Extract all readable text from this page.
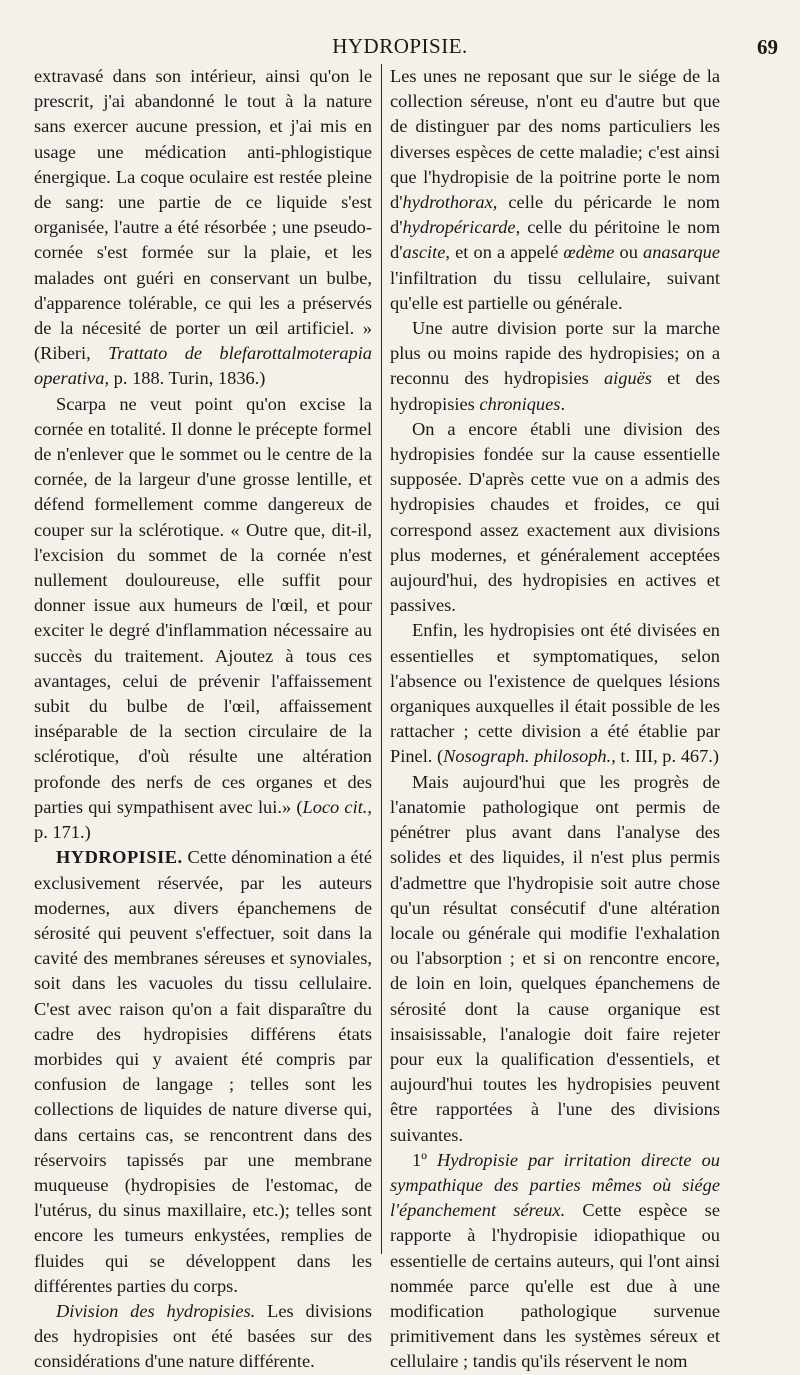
HYDROPISIE.	69

extravasé dans son intérieur, ainsi qu'on le prescrit, j'ai abandonné le tout à la nature sans exercer aucune pression, et j'ai mis en usage une médication anti-phlogistique énergique. La coque oculaire est restée pleine de sang: une partie de ce liquide s'est organisée, l'autre a été résorbée ; une pseudo-cornée s'est formée sur la plaie, et les malades ont guéri en conservant un bulbe, d'apparence tolérable, ce qui les a préservés de la nécesité de porter un œil artificiel. » (Riberi, Trattato de blefarottalmoterapia operativa, p. 188. Turin, 1836.)

Scarpa ne veut point qu'on excise la cornée en totalité. Il donne le précepte formel de n'enlever que le sommet ou le centre de la cornée, de la largeur d'une grosse lentille, et défend formellement comme dangereux de couper sur la sclérotique. « Outre que, dit-il, l'excision du sommet de la cornée n'est nullement douloureuse, elle suffit pour donner issue aux humeurs de l'œil, et pour exciter le degré d'inflammation nécessaire au succès du traitement. Ajoutez à tous ces avantages, celui de prévenir l'affaissement subit du bulbe de l'œil, affaissement inséparable de la section circulaire de la sclérotique, d'où résulte une altération profonde des nerfs de ces organes et des parties qui sympathisent avec lui.» (Loco cit., p. 171.)

HYDROPISIE. Cette dénomination a été exclusivement réservée, par les auteurs modernes, aux divers épanchemens de sérosité qui peuvent s'effectuer, soit dans la cavité des membranes séreuses et synoviales, soit dans les vacuoles du tissu cellulaire. C'est avec raison qu'on a fait disparaître du cadre des hydropisies différens états morbides qui y avaient été compris par confusion de langage ; telles sont les collections de liquides de nature diverse qui, dans certains cas, se rencontrent dans des réservoirs tapissés par une membrane muqueuse (hydropisies de l'estomac, de l'utérus, du sinus maxillaire, etc.); telles sont encore les tumeurs enkystées, remplies de fluides qui se développent dans les différentes parties du corps.

Division des hydropisies. Les divisions des hydropisies ont été basées sur des considérations d'une nature différente.

Les unes ne reposant que sur le siége de la collection séreuse, n'ont eu d'autre but que de distinguer par des noms particuliers les diverses espèces de cette maladie; c'est ainsi que l'hydropisie de la poitrine porte le nom d'hydrothorax, celle du péricarde le nom d'hydropéricarde, celle du péritoine le nom d'ascite, et on a appelé œdème ou anasarque l'infiltration du tissu cellulaire, suivant qu'elle est partielle ou générale.

Une autre division porte sur la marche plus ou moins rapide des hydropisies; on a reconnu des hydropisies aiguës et des hydropisies chroniques.

On a encore établi une division des hydropisies fondée sur la cause essentielle supposée. D'après cette vue on a admis des hydropisies chaudes et froides, ce qui correspond assez exactement aux divisions plus modernes, et généralement acceptées aujourd'hui, des hydropisies en actives et passives.

Enfin, les hydropisies ont été divisées en essentielles et symptomatiques, selon l'absence ou l'existence de quelques lésions organiques auxquelles il était possible de les rattacher ; cette division a été établie par Pinel. (Nosograph. philosoph., t. III, p. 467.)

Mais aujourd'hui que les progrès de l'anatomie pathologique ont permis de pénétrer plus avant dans l'analyse des solides et des liquides, il n'est plus permis d'admettre que l'hydropisie soit autre chose qu'un résultat consécutif d'une altération locale ou générale qui modifie l'exhalation ou l'absorption ; et si on rencontre encore, de loin en loin, quelques épanchemens de sérosité dont la cause organique est insaisissable, l'analogie doit faire rejeter pour eux la qualification d'essentiels, et aujourd'hui toutes les hydropisies peuvent être rapportées à l'une des divisions suivantes.

1º Hydropisie par irritation directe ou sympathique des parties mêmes où siége l'épanchement séreux. Cette espèce se rapporte à l'hydropisie idiopathique ou essentielle de certains auteurs, qui l'ont ainsi nommée parce qu'elle est due à une modification pathologique survenue primitivement dans les systèmes séreux et cellulaire ; tandis qu'ils réservent le nom
